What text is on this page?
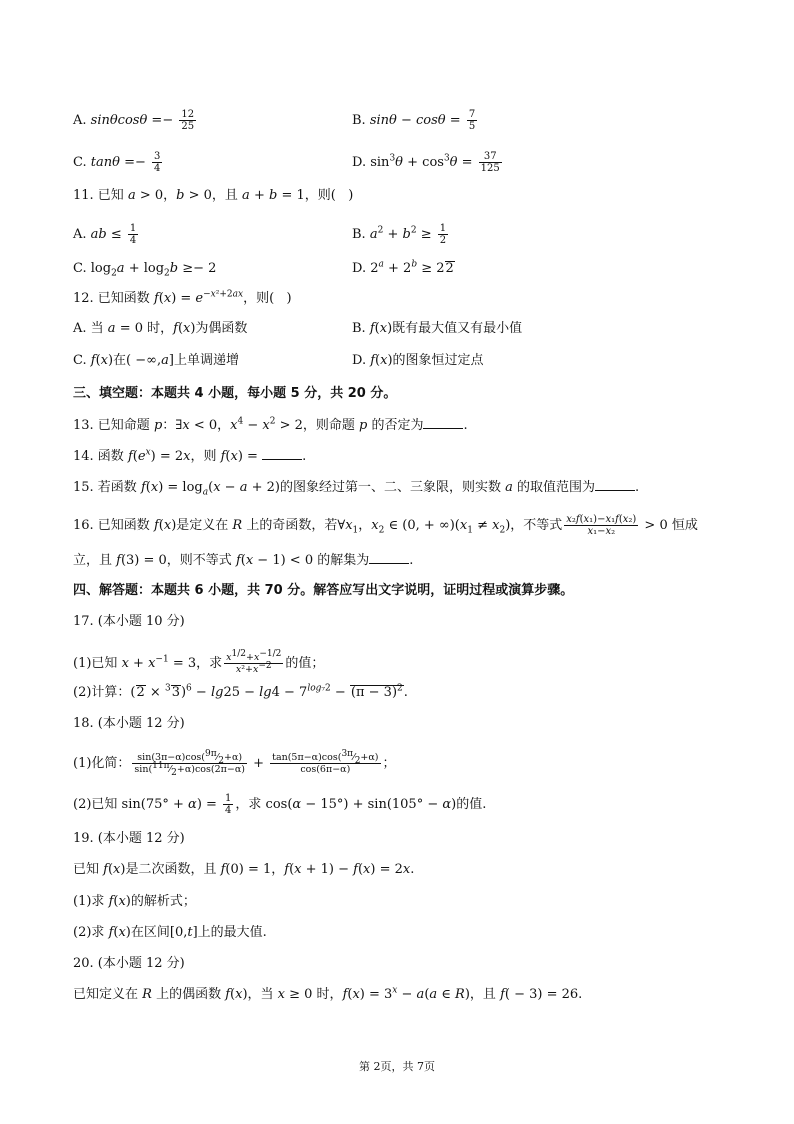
A. $\sin\theta\cos\theta =- \frac{12}{25}$	B. $\sin\theta - \cos\theta = \frac{7}{5}$
C. $\tan\theta =- \frac{3}{4}$	D. $\sin^3\theta + \cos^3\theta = \frac{37}{125}$
11. 已知 a > 0，b > 0，且 a + b = 1，则(   )
A. ab ≤ $\frac{1}{4}$	B. $a^2 + b^2 \ge \frac{1}{2}$
C. $\log_2a + \log_2b \ge- 2$	D. $2^a + 2^b \ge 22$
12. 已知函数 $f(x) = e^{-x^2+2ax}$，则(   )
A. 当 a = 0 时，f(x)为偶函数	B. f(x)既有最大值又有最小值
C. f(x)在( −∞,a]上单调递增	D. f(x)的图象恒过定点
三、填空题：本题共 4 小题，每小题 5 分，共 20 分。
13. 已知命题 p：∃x < 0，$x^4 - x^2 > 2$，则命题 p 的否定为	.
14. 函数 $f(e^x) = 2x$，则 f(x) =	.
15. 若函数 $f(x) = \log_a(x - a + 2)$的图象经过第一、二、三象限，则实数 a 的取值范围为	.
16. 已知函数 f(x)是定义在 R 上的奇函数，若$\forall x_1$，$x_2$ ∈ (0, + $\infty)(x_1 \ne x_2)$，不等式 $\frac{\text{x₂f(x₁)−x₁f(x₂)}}{\text{x₁−x₂}} > 0$ 恒成
立，且 f(3) = 0，则不等式 f(x − 1) < 0 的解集为	.
四、解答题：本题共 6 小题，共 70 分。解答应写出文字说明，证明过程或演算步骤。
17. (本小题 10 分)
(1)已知 $x + x^{-1} = 3$，求 $\frac{x^{1/2}+x^{-1/2}}{x^2+x^{-2}}$ 的值；
(2)计算：$(2 \times ^33)^6 - \lg 25 - \lg 4 - 7^{log_72} - (\pi - 3)^2$.
18. (本小题 12 分)
(1)化简： $\frac{\sin(3\pi-\alpha)\cos(^{9\pi}⁄_2+\alpha)}{\sin(^{11\pi}⁄_2+\alpha)\cos(2\pi-\alpha)} + \frac{\tan(5\pi-\alpha)\cos(^{3\pi}⁄_2+\alpha)}{\cos(6\pi-\alpha)}$ ；
(2)已知 $\sin(75^\circ + \alpha) = \frac{1}{4}$ ，求 cos(α − 15°) + sin(105° − α)的值.
19. (本小题 12 分)
已知 f(x)是二次函数，且 f(0) = 1，f(x + 1) − f(x) = 2x.
(1)求 f(x)的解析式；
(2)求 f(x)在区间[0,t]上的最大值.
20. (本小题 12 分)
已知定义在 R 上的偶函数 f(x)，当 x ≥ 0 时，$f(x) = 3^x - a(a$ ∈ R)，且 f( − 3) = 26.
第 2页，共 7页
